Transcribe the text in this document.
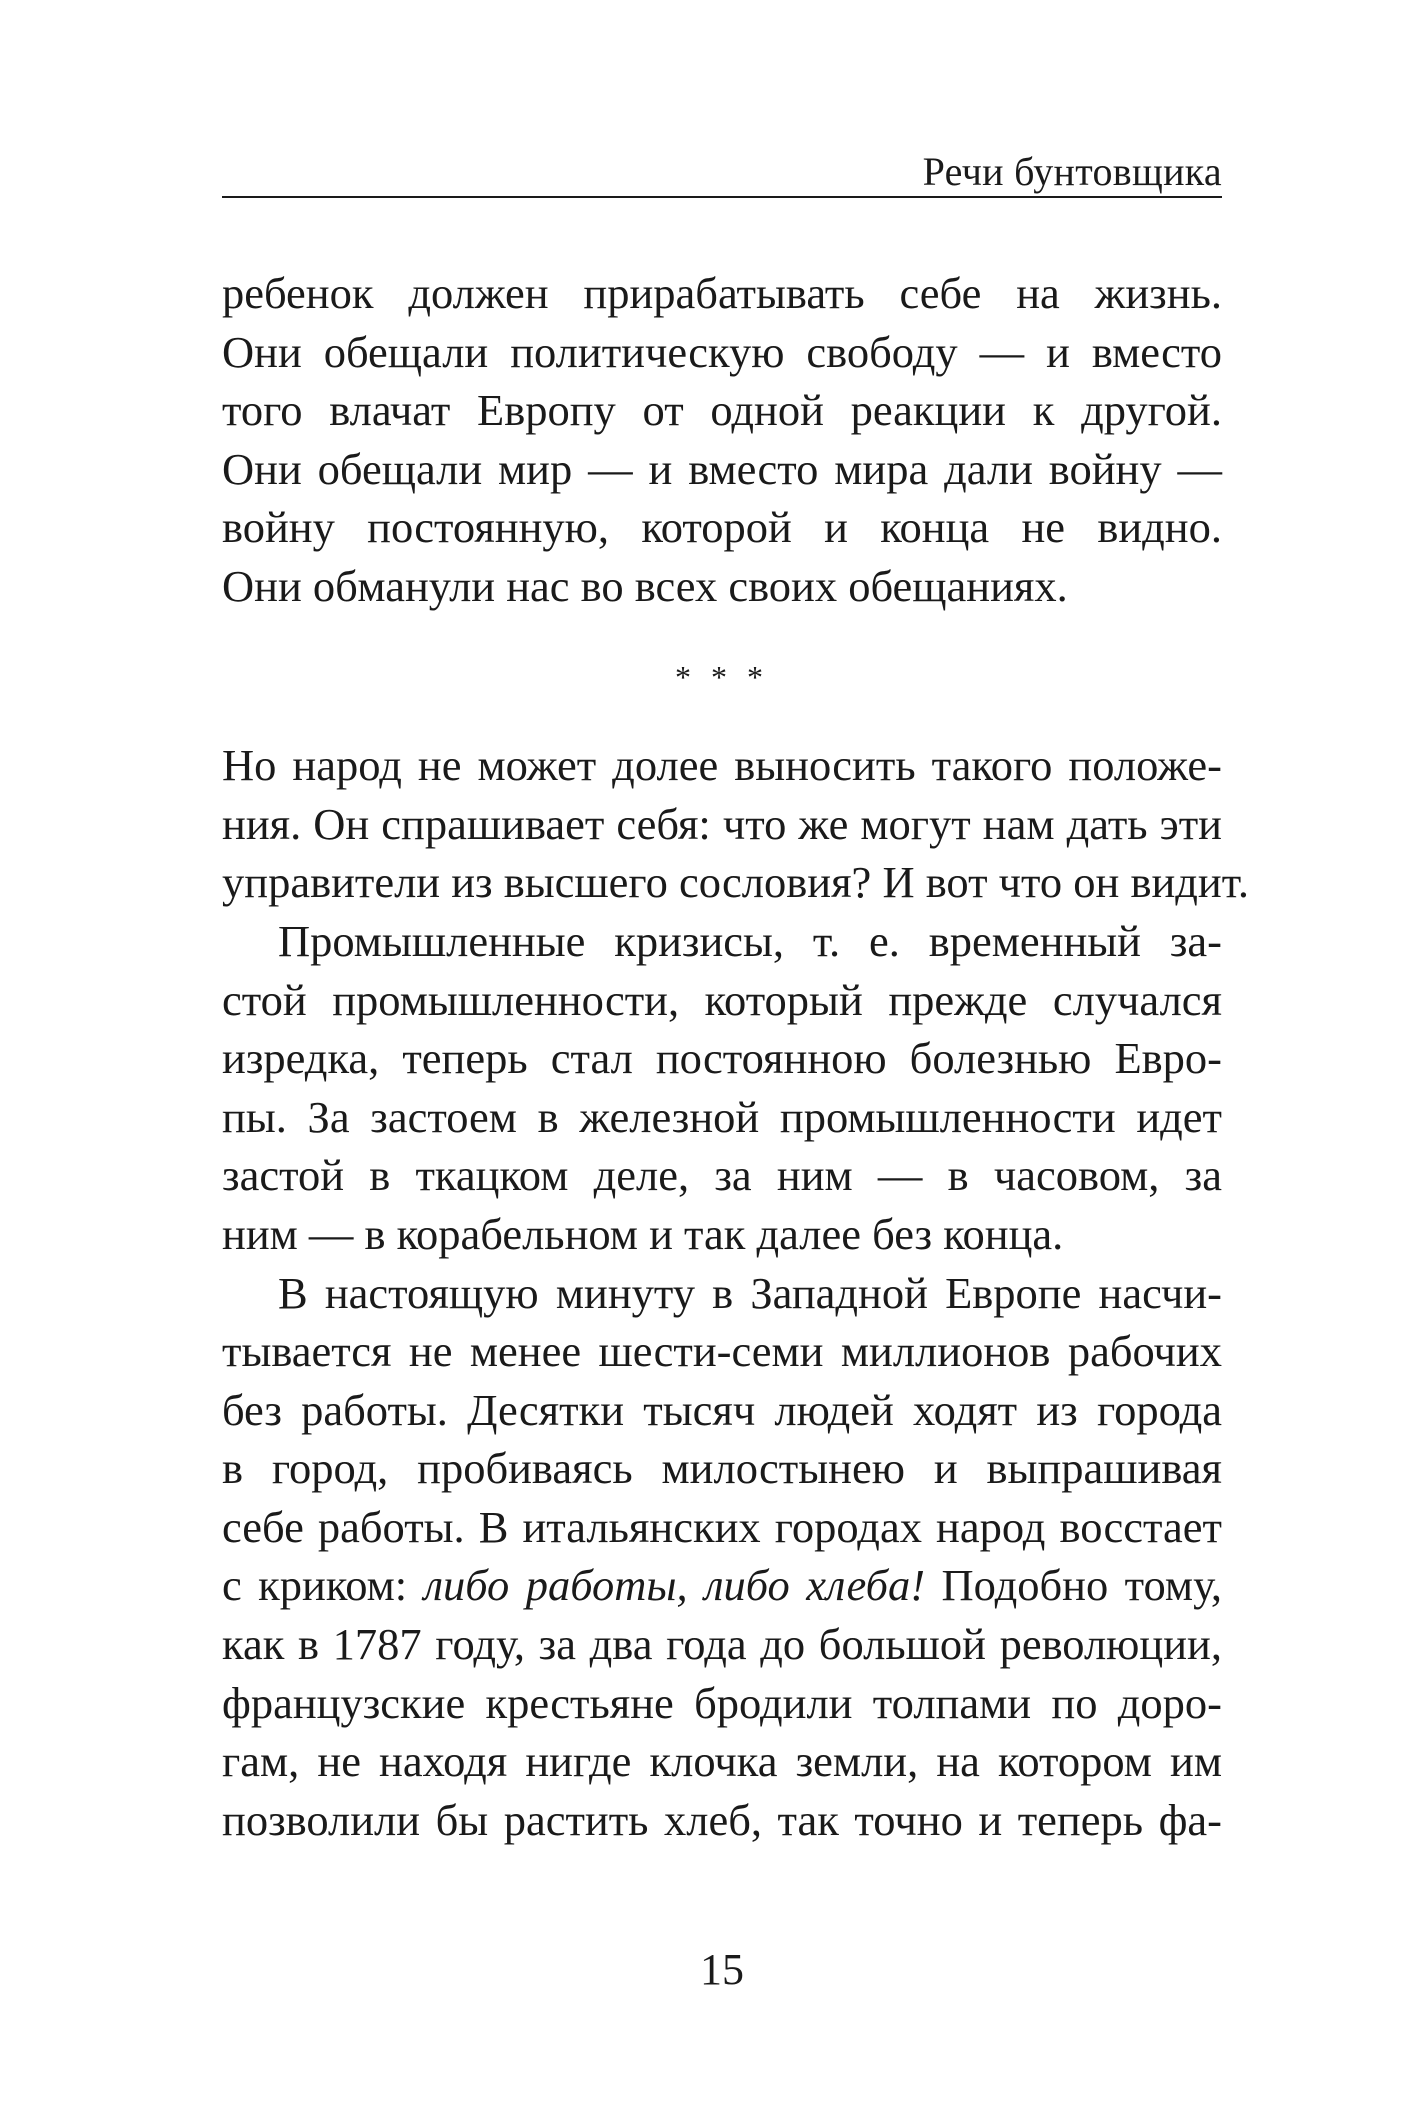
Речи бунтовщика
ребенок должен прирабатывать себе на жизнь.
Они обещали политическую свободу — и вместо
того влачат Европу от одной реакции к другой.
Они обещали мир — и вместо мира дали войну —
войну постоянную, которой и конца не видно.
Они обманули нас во всех своих обещаниях.
* * *
Но народ не может долее выносить такого положе-
ния. Он спрашивает себя: что же могут нам дать эти
управители из высшего сословия? И вот что он видит.
Промышленные кризисы, т. е. временный за-
стой промышленности, который прежде случался
изредка, теперь стал постоянною болезнью Евро-
пы. За застоем в железной промышленности идет
застой в ткацком деле, за ним — в часовом, за
ним — в корабельном и так далее без конца.
В настоящую минуту в Западной Европе насчи-
тывается не менее шести-семи миллионов рабочих
без работы. Десятки тысяч людей ходят из города
в город, пробиваясь милостынею и выпрашивая
себе работы. В итальянских городах народ восстает
с криком: либо работы, либо хлеба! Подобно тому,
как в 1787 году, за два года до большой революции,
французские крестьяне бродили толпами по доро-
гам, не находя нигде клочка земли, на котором им
позволили бы растить хлеб, так точно и теперь фа-
15
